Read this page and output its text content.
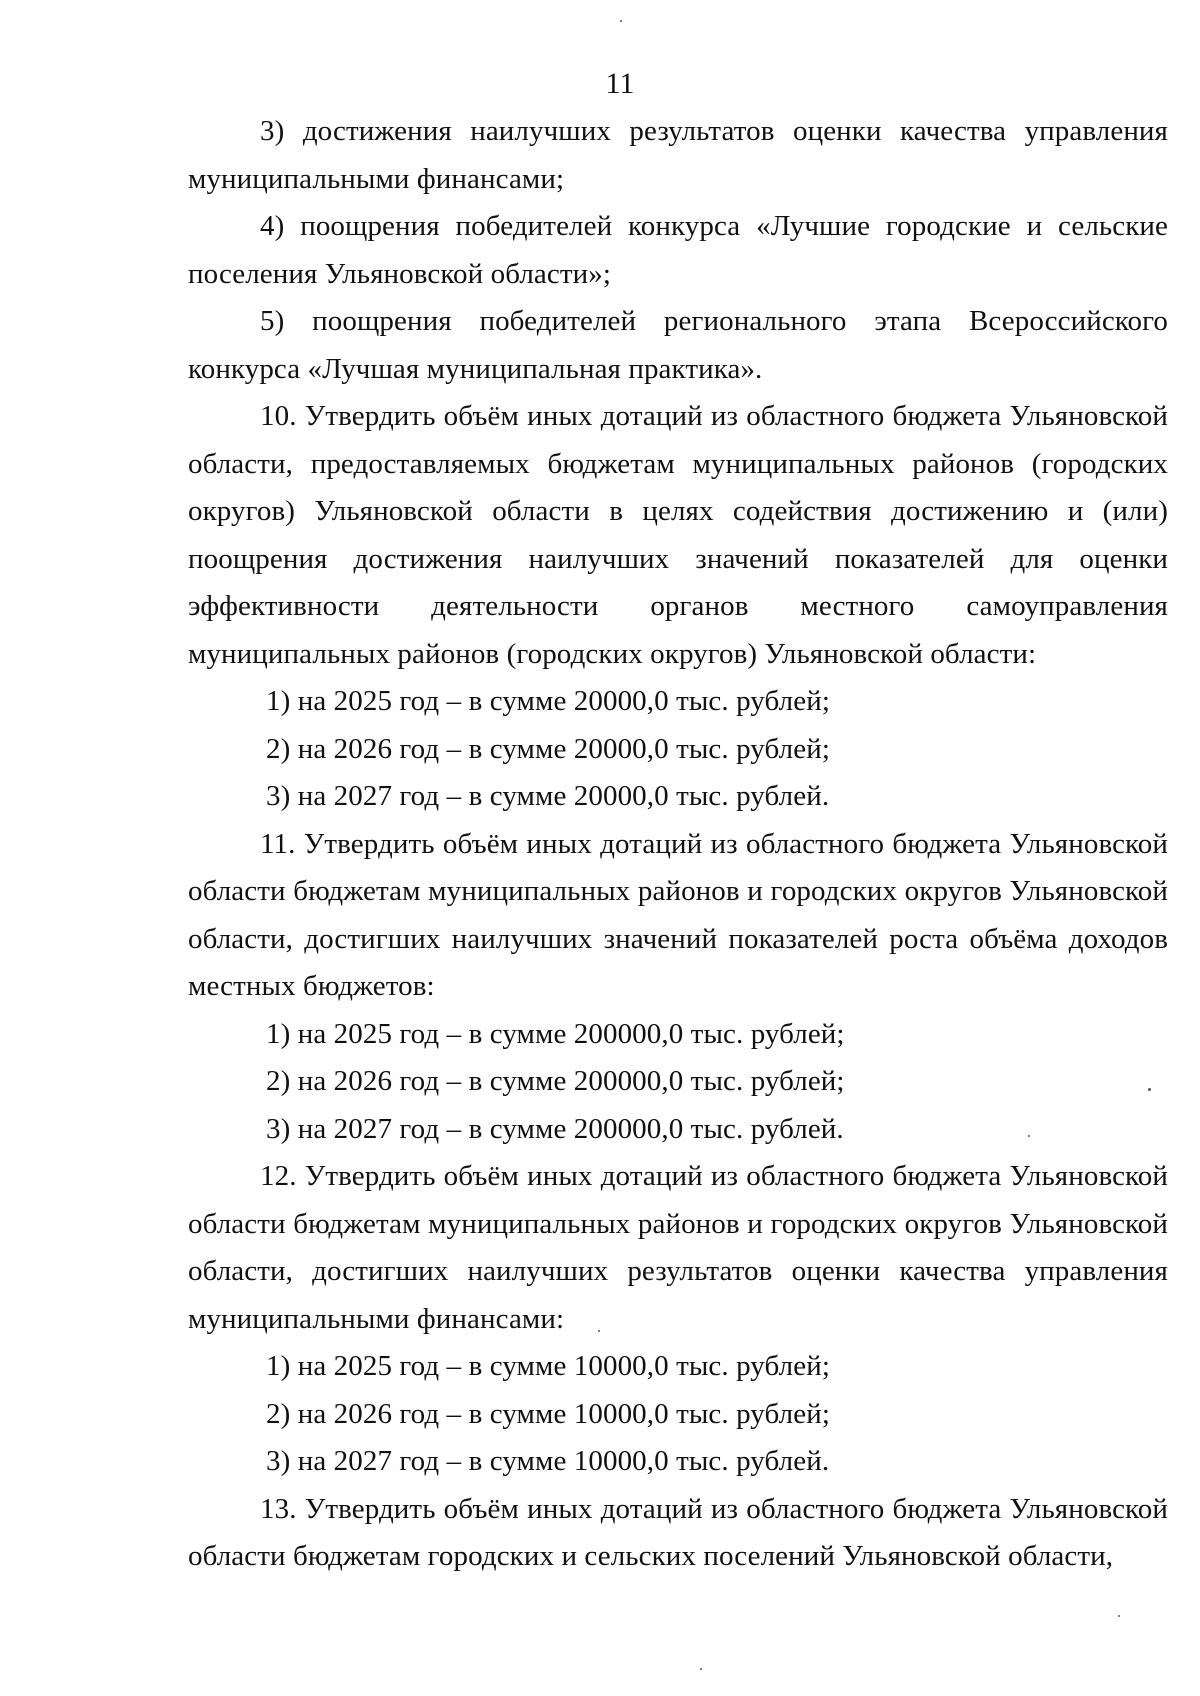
11

3) достижения наилучших результатов оценки качества управления муниципальными финансами;

4) поощрения победителей конкурса «Лучшие городские и сельские поселения Ульяновской области»;

5) поощрения победителей регионального этапа Всероссийского конкурса «Лучшая муниципальная практика».

10. Утвердить объём иных дотаций из областного бюджета Ульяновской области, предоставляемых бюджетам муниципальных районов (городских округов) Ульяновской области в целях содействия достижению и (или) поощрения достижения наилучших значений показателей для оценки эффективности деятельности органов местного самоуправления муниципальных районов (городских округов) Ульяновской области:

1) на 2025 год – в сумме 20000,0 тыс. рублей;

2) на 2026 год – в сумме 20000,0 тыс. рублей;

3) на 2027 год – в сумме 20000,0 тыс. рублей.

11. Утвердить объём иных дотаций из областного бюджета Ульяновской области бюджетам муниципальных районов и городских округов Ульяновской области, достигших наилучших значений показателей роста объёма доходов местных бюджетов:

1) на 2025 год – в сумме 200000,0 тыс. рублей;

2) на 2026 год – в сумме 200000,0 тыс. рублей;

3) на 2027 год – в сумме 200000,0 тыс. рублей.

12. Утвердить объём иных дотаций из областного бюджета Ульяновской области бюджетам муниципальных районов и городских округов Ульяновской области, достигших наилучших результатов оценки качества управления муниципальными финансами:

1) на 2025 год – в сумме 10000,0 тыс. рублей;

2) на 2026 год – в сумме 10000,0 тыс. рублей;

3) на 2027 год – в сумме 10000,0 тыс. рублей.

13. Утвердить объём иных дотаций из областного бюджета Ульяновской области бюджетам городских и сельских поселений Ульяновской области,
